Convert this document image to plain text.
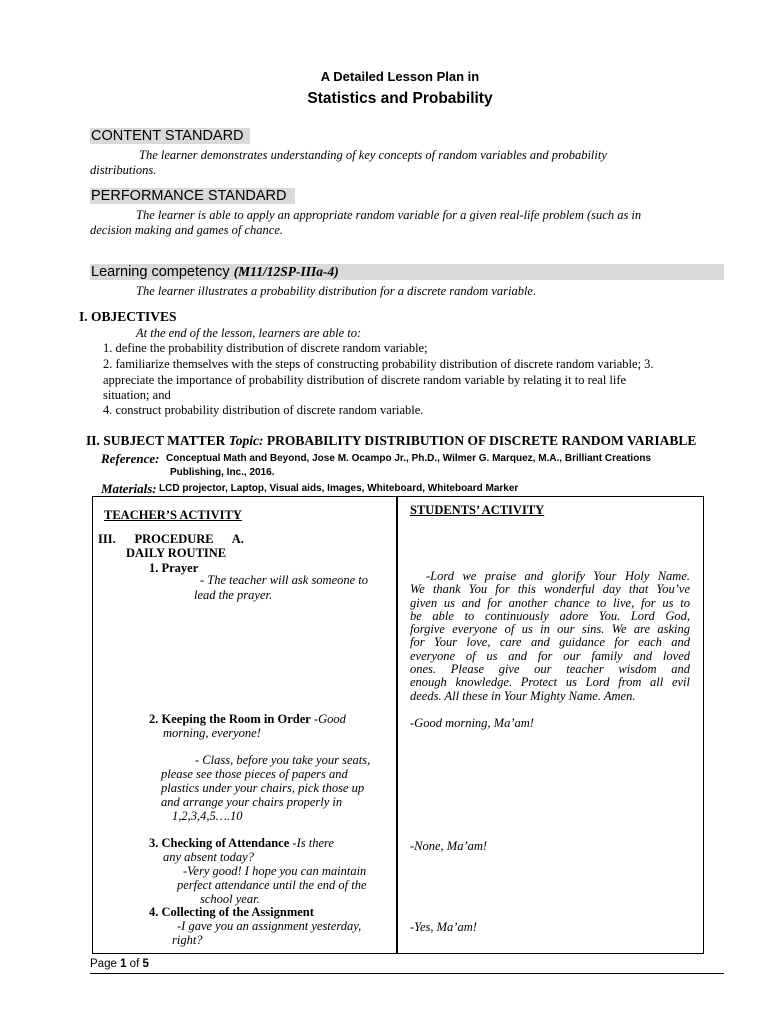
A Detailed Lesson Plan in
Statistics and Probability
CONTENT STANDARD
The learner demonstrates understanding of key concepts of random variables and probability
distributions.
PERFORMANCE STANDARD
The learner is able to apply an appropriate random variable for a given real-life problem (such as in
decision making and games of chance.
Learning competency (M11/12SP-IIIa-4)
The learner illustrates a probability distribution for a discrete random variable.
I. OBJECTIVES
At the end of the lesson, learners are able to:
1. define the probability distribution of discrete random variable;
2. familiarize themselves with the steps of constructing probability distribution of discrete random variable; 3.
appreciate the importance of probability distribution of discrete random variable by relating it to real life
situation; and
4. construct probability distribution of discrete random variable.
II. SUBJECT MATTER Topic: PROBABILITY DISTRIBUTION OF DISCRETE RANDOM VARIABLE
Reference: Conceptual Math and Beyond, Jose M. Ocampo Jr., Ph.D., Wilmer G. Marquez, M.A., Brilliant Creations
Publishing, Inc., 2016.
Materials: LCD projector, Laptop, Visual aids, Images, Whiteboard, Whiteboard Marker
TEACHER’S ACTIVITY	STUDENTS’ ACTIVITY
III.      PROCEDURE      A.
DAILY ROUTINE
1. Prayer
- The teacher will ask someone to
lead the prayer.
-Lord we praise and glorify Your Holy Name.
We thank You for this wonderful day that You’ve
given us and for another chance to live, for us to
be able to continuously adore You. Lord God,
forgive everyone of us in our sins. We are asking
for Your love, care and guidance for each and
everyone of us and for our family and loved
ones. Please give our teacher wisdom and
enough knowledge. Protect us Lord from all evil
deeds. All these in Your Mighty Name. Amen.
2. Keeping the Room in Order -Good
morning, everyone!
-Good morning, Ma’am!
- Class, before you take your seats,
please see those pieces of papers and
plastics under your chairs, pick those up
and arrange your chairs properly in
1,2,3,4,5….10
3. Checking of Attendance -Is there
any absent today?
-Very good! I hope you can maintain
perfect attendance until the end of the
school year.
-None, Ma’am!
4. Collecting of the Assignment
-I gave you an assignment yesterday,
right?
-Yes, Ma’am!
Page 1 of 5
